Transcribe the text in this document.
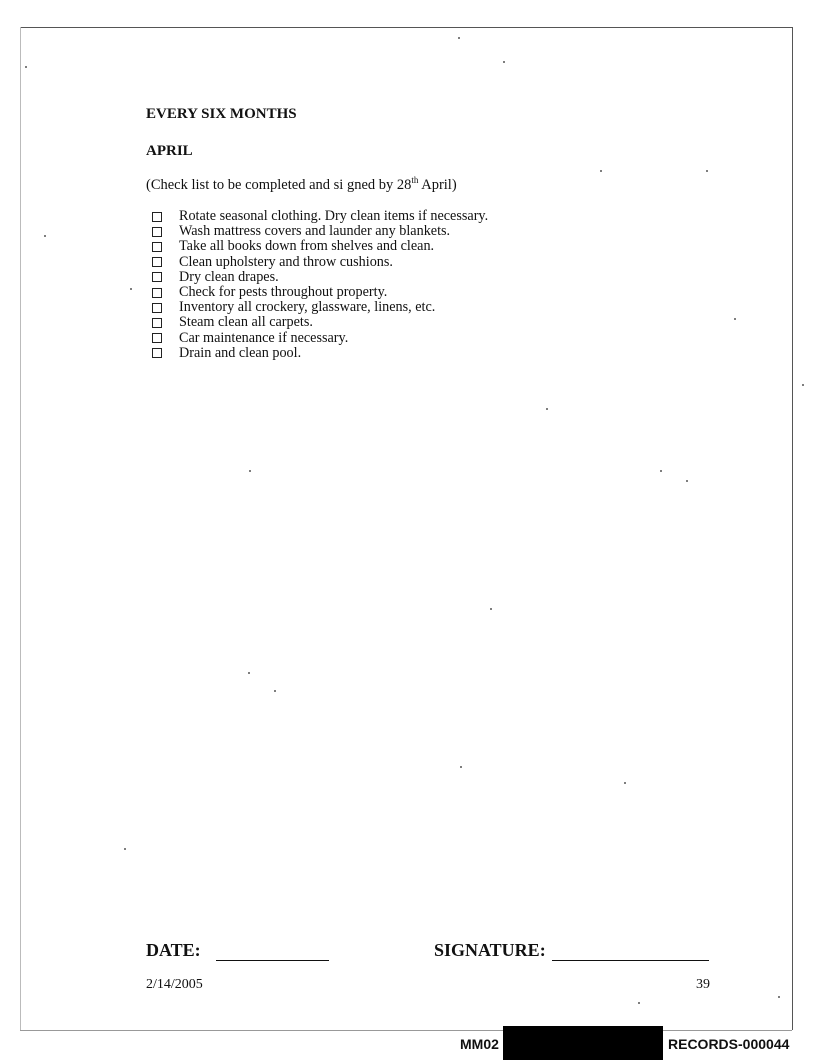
EVERY SIX MONTHS
APRIL
(Check list to be completed and si gned by 28th April)
Rotate seasonal clothing. Dry clean items if necessary.
Wash mattress covers and launder any blankets.
Take all books down from shelves and clean.
Clean upholstery and throw cushions.
Dry clean drapes.
Check for pests throughout property.
Inventory all crockery, glassware, linens, etc.
Steam clean all carpets.
Car maintenance if necessary.
Drain and clean pool.
DATE:	SIGNATURE:
2/14/2005	39
MM02	RECORDS-000044
